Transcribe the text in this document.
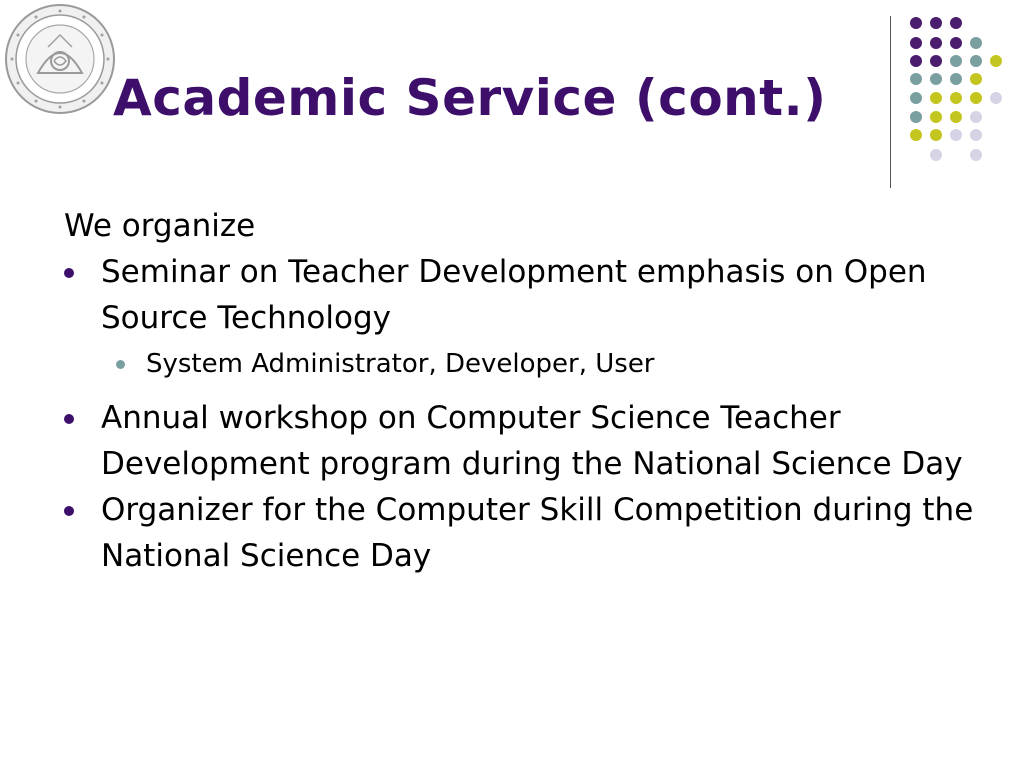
Academic Service (cont.)

We organize

Seminar on Teacher Development emphasis on Open Source Technology
System Administrator, Developer, User
Annual workshop on Computer Science Teacher Development program during the National Science Day
Organizer for the Computer Skill Competition during the National Science Day
